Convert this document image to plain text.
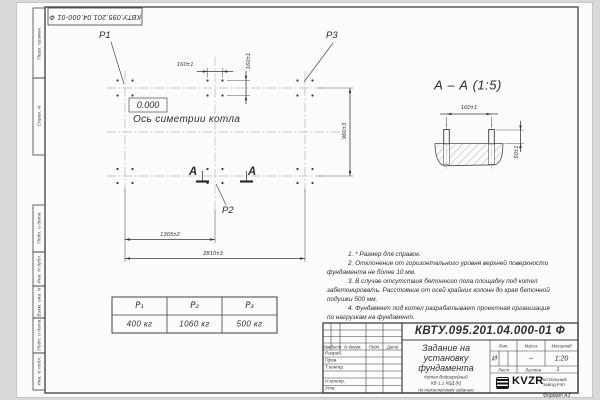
КВТУ.095.201.04.000-01 Ф
Перв. примен.
Справ. N
Подп. и дата
Инв. N дубл.
Взам. инв. N
Подп. и дата
Инв. N подл.
P1	P3
P2
0.000
Ось симетрии котла
А	А
160±1	160±1
960±3
1365±2
2810±3
А – А (1:5)
160±1
50±1
1. * Размер для справок.
2. Отклонение от горизонтального уровня верхней поверхности
фундамента не более 10 мм.
3. В случае отсутствия бетонного пола площадку под котел
забетонировать. Расстояние от осей крайних колонн до края бетонной
подушки 500 мм.
4. Фундамент под котел разрабатывает проектная организация
по нагрузкам на фундамент.
P₁	P₂	P₃
400 кг	1060 кг	500 кг
КВТУ.095.201.04.000-01 Ф
Изм.
Лист N докум. Подп. Дата
Разраб.
Пров.
Т.контр.
Н.контр.
Утв.
Задание на
установку
фундамента
Котел Водогрейный
КВ-1,1 КБД (К)
по техническому заданию
Лит.	Масса	Масштаб
И	–	1:20
Лист	Листов	1
KVZR КОТЕЛЬНЫЙ
ЗАВОД РЭП
Формат А3
